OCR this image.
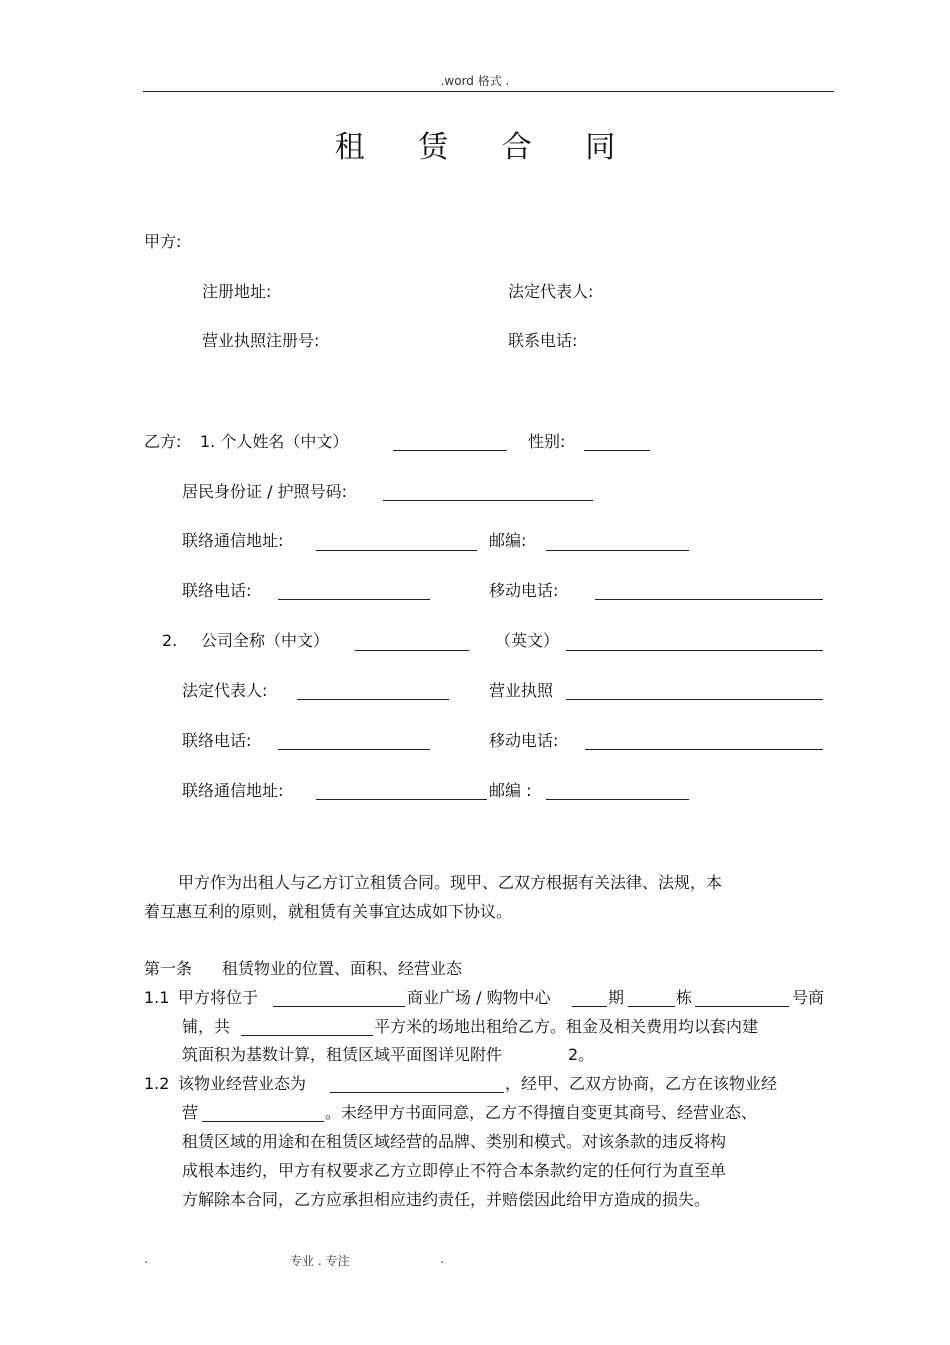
.word 格式 .
租 赁 合 同
甲方:
注册地址:	法定代表人:
营业执照注册号:	联系电话:
乙方: 1. 个人姓名（中文）	性别:
居民身份证 / 护照号码:
联络通信地址:	邮编:
联络电话:	移动电话:
2. 公司全称（中文）	（英文）
法定代表人:	营业执照
联络电话:	移动电话:
联络通信地址:	邮编 :
甲方作为出租人与乙方订立租赁合同。现甲、乙双方根据有关法律、法规，本
着互惠互利的原则，就租赁有关事宜达成如下协议。
第一条 租赁物业的位置、面积、经营业态
1.1 甲方将位于	商业广场 / 购物中心	期	栋	号商
铺，共	平方米的场地出租给乙方。租金及相关费用均以套内建
筑面积为基数计算，租赁区域平面图详见附件	2。
1.2 该物业经营业态为	，经甲、乙双方协商，乙方在该物业经
营	。未经甲方书面同意，乙方不得擅自变更其商号、经营业态、
租赁区域的用途和在租赁区域经营的品牌、类别和模式。对该条款的违反将构
成根本违约，甲方有权要求乙方立即停止不符合本条款约定的任何行为直至单
方解除本合同，乙方应承担相应违约责任，并赔偿因此给甲方造成的损失。
.	专业 . 专注	.
